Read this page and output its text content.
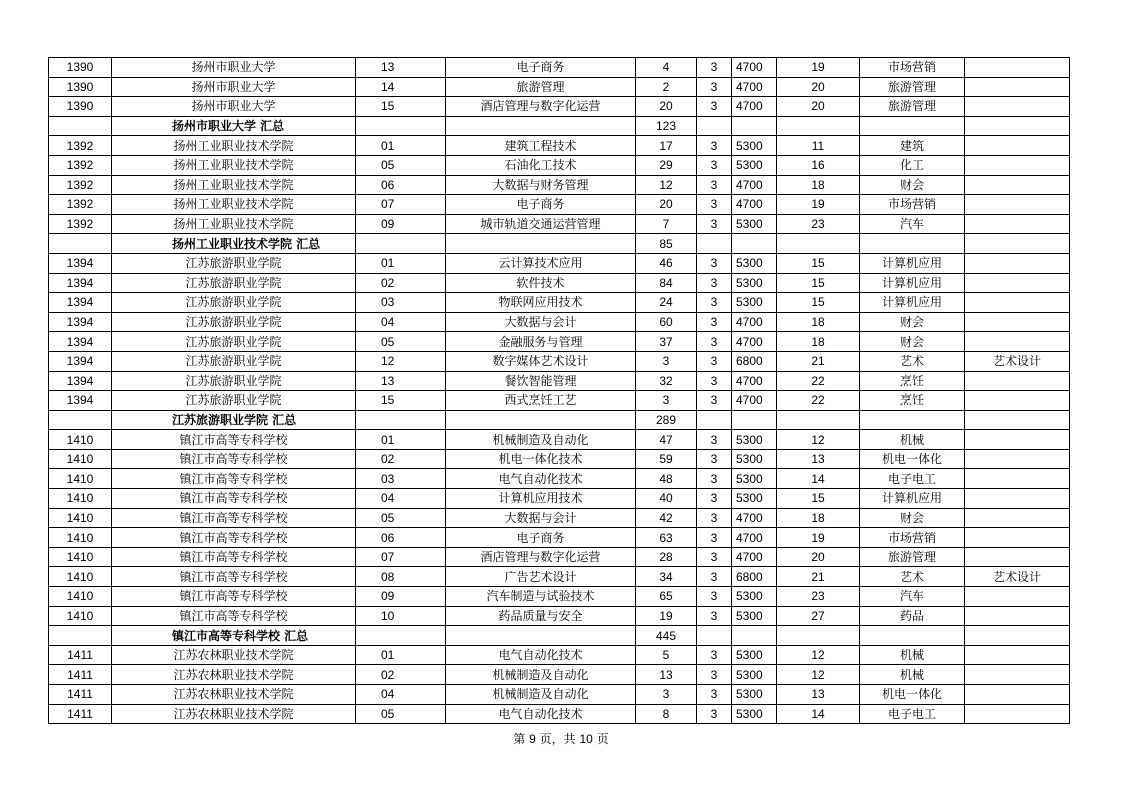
1390	扬州市职业大学	13	电子商务	4	3	4700	19	市场营销	
1390	扬州市职业大学	14	旅游管理	2	3	4700	20	旅游管理	
1390	扬州市职业大学	15	酒店管理与数字化运营	20	3	4700	20	旅游管理	
	扬州市职业大学 汇总			123					
1392	扬州工业职业技术学院	01	建筑工程技术	17	3	5300	11	建筑	
1392	扬州工业职业技术学院	05	石油化工技术	29	3	5300	16	化工	
1392	扬州工业职业技术学院	06	大数据与财务管理	12	3	4700	18	财会	
1392	扬州工业职业技术学院	07	电子商务	20	3	4700	19	市场营销	
1392	扬州工业职业技术学院	09	城市轨道交通运营管理	7	3	5300	23	汽车	
	扬州工业职业技术学院 汇总			85					
1394	江苏旅游职业学院	01	云计算技术应用	46	3	5300	15	计算机应用	
1394	江苏旅游职业学院	02	软件技术	84	3	5300	15	计算机应用	
1394	江苏旅游职业学院	03	物联网应用技术	24	3	5300	15	计算机应用	
1394	江苏旅游职业学院	04	大数据与会计	60	3	4700	18	财会	
1394	江苏旅游职业学院	05	金融服务与管理	37	3	4700	18	财会	
1394	江苏旅游职业学院	12	数字媒体艺术设计	3	3	6800	21	艺术	艺术设计
1394	江苏旅游职业学院	13	餐饮智能管理	32	3	4700	22	烹饪	
1394	江苏旅游职业学院	15	西式烹饪工艺	3	3	4700	22	烹饪	
	江苏旅游职业学院 汇总			289					
1410	镇江市高等专科学校	01	机械制造及自动化	47	3	5300	12	机械	
1410	镇江市高等专科学校	02	机电一体化技术	59	3	5300	13	机电一体化	
1410	镇江市高等专科学校	03	电气自动化技术	48	3	5300	14	电子电工	
1410	镇江市高等专科学校	04	计算机应用技术	40	3	5300	15	计算机应用	
1410	镇江市高等专科学校	05	大数据与会计	42	3	4700	18	财会	
1410	镇江市高等专科学校	06	电子商务	63	3	4700	19	市场营销	
1410	镇江市高等专科学校	07	酒店管理与数字化运营	28	3	4700	20	旅游管理	
1410	镇江市高等专科学校	08	广告艺术设计	34	3	6800	21	艺术	艺术设计
1410	镇江市高等专科学校	09	汽车制造与试验技术	65	3	5300	23	汽车	
1410	镇江市高等专科学校	10	药品质量与安全	19	3	5300	27	药品	
	镇江市高等专科学校 汇总			445					
1411	江苏农林职业技术学院	01	电气自动化技术	5	3	5300	12	机械	
1411	江苏农林职业技术学院	02	机械制造及自动化	13	3	5300	12	机械	
1411	江苏农林职业技术学院	04	机械制造及自动化	3	3	5300	13	机电一体化	
1411	江苏农林职业技术学院	05	电气自动化技术	8	3	5300	14	电子电工	
第 9 页，共 10 页
